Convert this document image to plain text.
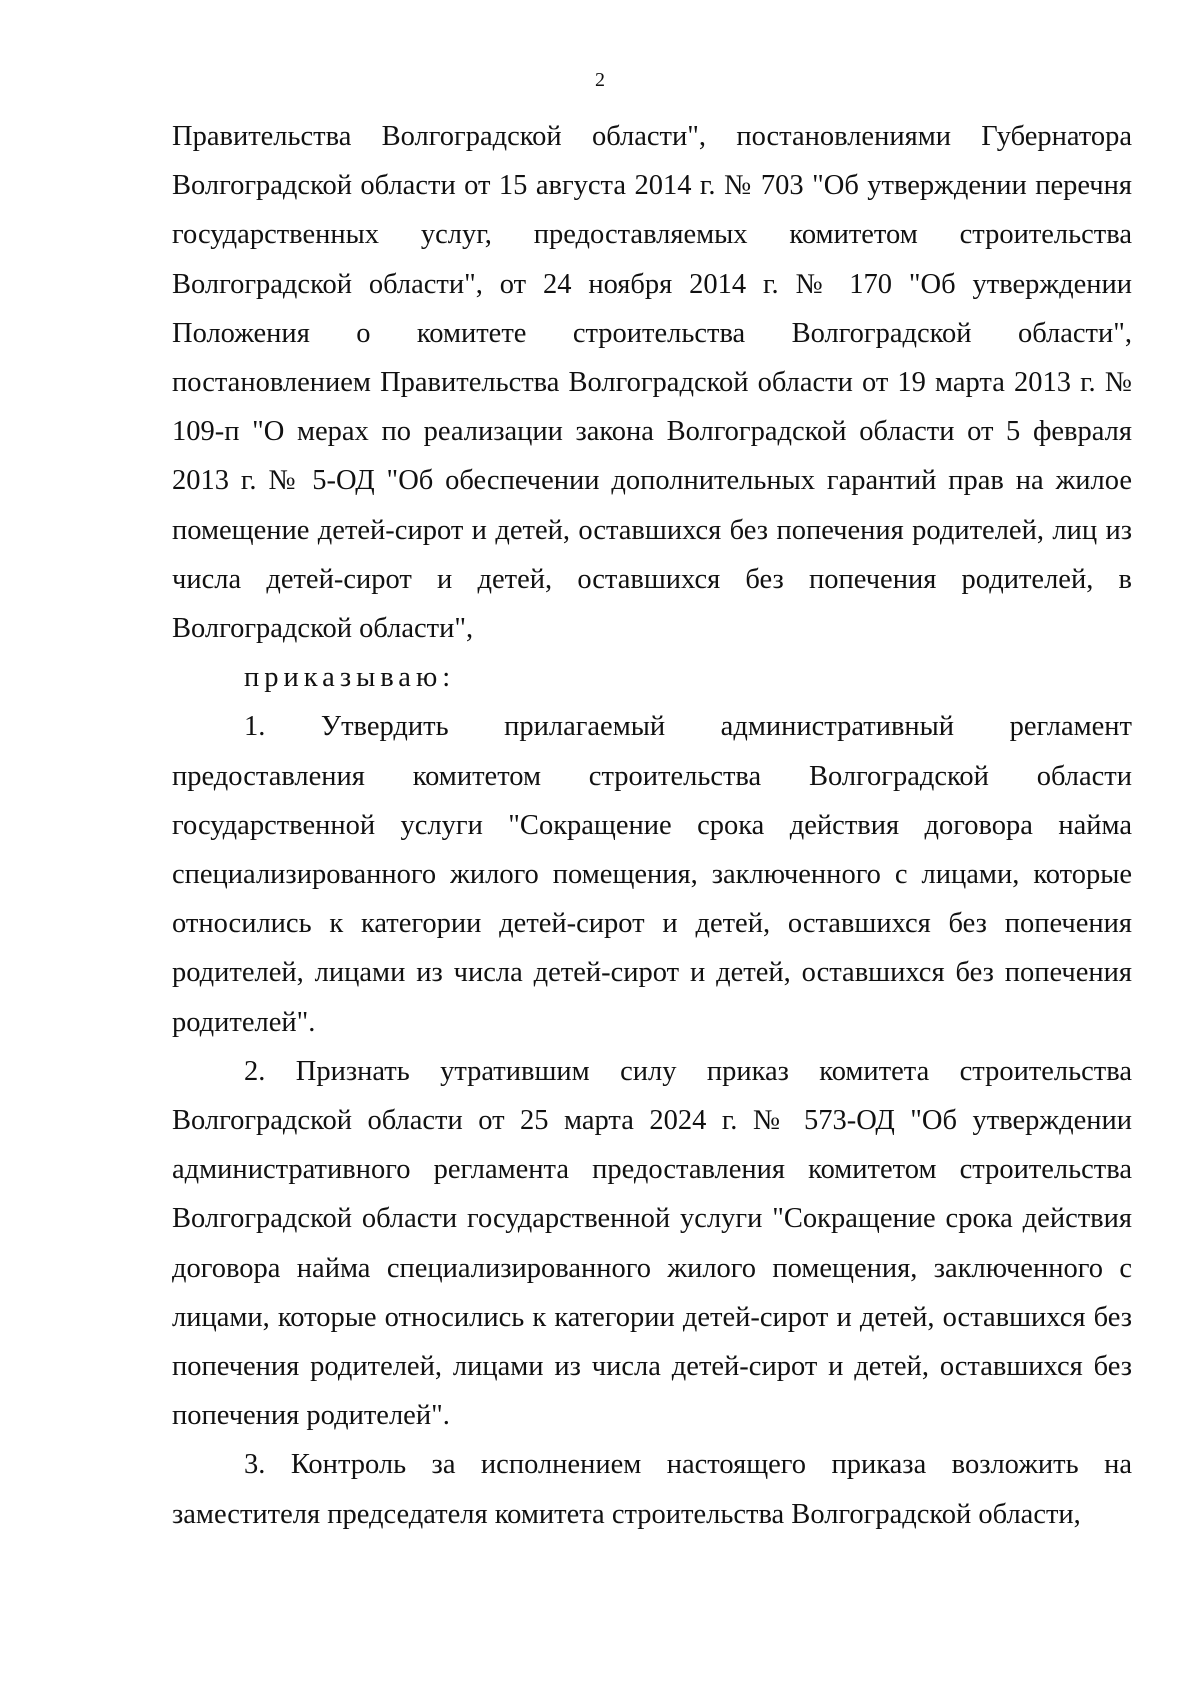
2

Правительства Волгоградской области", постановлениями Губернатора Волгоградской области от 15 августа 2014 г. № 703 "Об утверждении перечня государственных услуг, предоставляемых комитетом строительства Волгоградской области", от 24 ноября 2014 г. № 170 "Об утверждении Положения о комитете строительства Волгоградской области", постановлением Правительства Волгоградской области от 19 марта 2013 г. № 109-п "О мерах по реализации закона Волгоградской области от 5 февраля 2013 г. № 5-ОД "Об обеспечении дополнительных гарантий прав на жилое помещение детей-сирот и детей, оставшихся без попечения родителей, лиц из числа детей-сирот и детей, оставшихся без попечения родителей, в Волгоградской области",

приказываю:

1. Утвердить прилагаемый административный регламент предоставления комитетом строительства Волгоградской области государственной услуги "Сокращение срока действия договора найма специализированного жилого помещения, заключенного с лицами, которые относились к категории детей-сирот и детей, оставшихся без попечения родителей, лицами из числа детей-сирот и детей, оставшихся без попечения родителей".

2. Признать утратившим силу приказ комитета строительства Волгоградской области от 25 марта 2024 г. № 573-ОД "Об утверждении административного регламента предоставления комитетом строительства Волгоградской области государственной услуги "Сокращение срока действия договора найма специализированного жилого помещения, заключенного с лицами, которые относились к категории детей-сирот и детей, оставшихся без попечения родителей, лицами из числа детей-сирот и детей, оставшихся без попечения родителей".

3. Контроль за исполнением настоящего приказа возложить на заместителя председателя комитета строительства Волгоградской области,
